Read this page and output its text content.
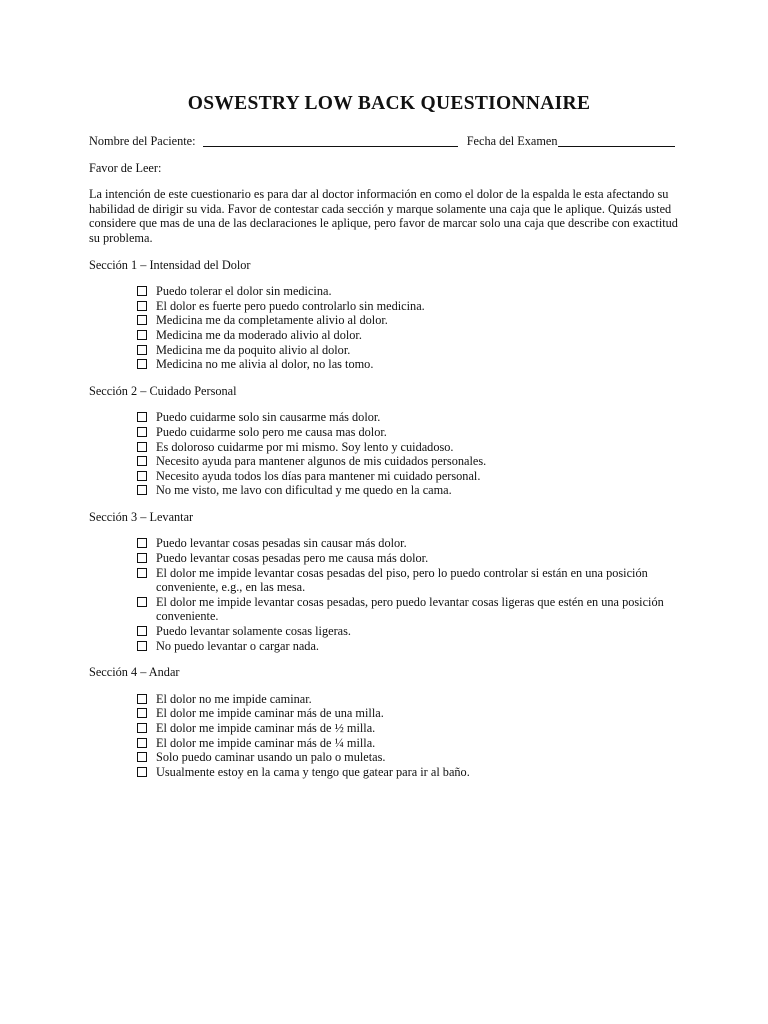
OSWESTRY LOW BACK QUESTIONNAIRE
Nombre del Paciente:	Fecha del Examen
Favor de Leer:
La intención de este cuestionario es para dar al doctor información en como el dolor de la espalda le esta afectando su habilidad de dirigir su vida. Favor de contestar cada sección y marque solamente una caja que le aplique. Quizás usted considere que mas de una de las declaraciones le aplique, pero favor de marcar solo una caja que describe con exactitud su problema.
Sección 1 – Intensidad del Dolor
Puedo tolerar el dolor sin medicina.
El dolor es fuerte pero puedo controlarlo sin medicina.
Medicina me da completamente alivio al dolor.
Medicina me da moderado alivio al dolor.
Medicina me da poquito alivio al dolor.
Medicina no me alivia al dolor, no las tomo.
Sección 2 – Cuidado Personal
Puedo cuidarme solo sin causarme más dolor.
Puedo cuidarme solo pero me causa mas dolor.
Es doloroso cuidarme por mi mismo. Soy lento y cuidadoso.
Necesito ayuda para mantener algunos de mis cuidados personales.
Necesito ayuda todos los días para mantener mi cuidado personal.
No me visto, me lavo con dificultad y me quedo en la cama.
Sección 3 – Levantar
Puedo levantar cosas pesadas sin causar más dolor.
Puedo levantar cosas pesadas pero me causa más dolor.
El dolor me impide levantar cosas pesadas del piso, pero lo puedo controlar si están en una posición conveniente, e.g., en las mesa.
El dolor me impide levantar cosas pesadas, pero puedo levantar cosas ligeras que estén en una posición conveniente.
Puedo levantar solamente cosas ligeras.
No puedo levantar o cargar nada.
Sección 4 – Andar
El dolor no me impide caminar.
El dolor me impide caminar más de una milla.
El dolor me impide caminar más de ½ milla.
El dolor me impide caminar más de ¼ milla.
Solo puedo caminar usando un palo o muletas.
Usualmente estoy en la cama y tengo que gatear para ir al baño.
